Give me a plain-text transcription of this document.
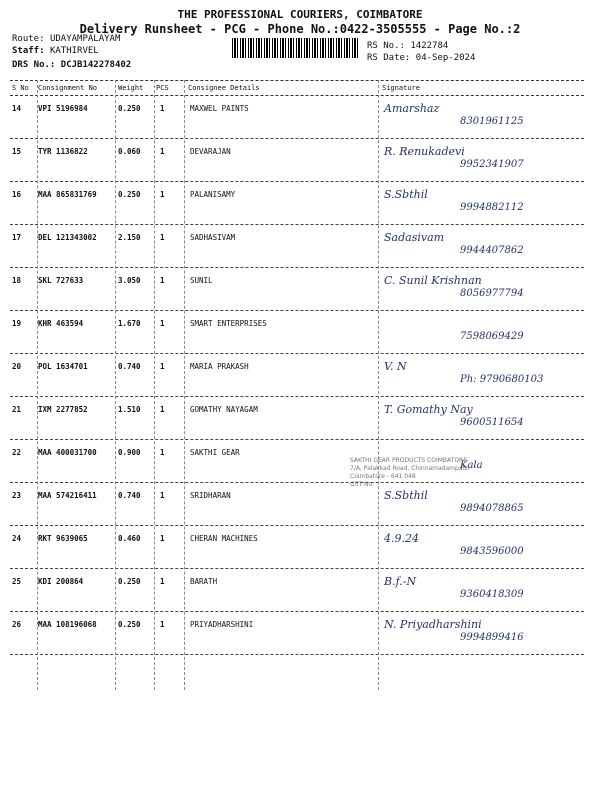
THE PROFESSIONAL COURIERS, COIMBATORE
Delivery Runsheet - PCG - Phone No.:0422-3505555 - Page No.:2
Route: UDAYAMPALAYAM
Staff: KATHIRVEL
DRS No.: DCJB142278402
RS No.: 1422784
RS Date: 04-Sep-2024
S No Consignment No	Weight PCS	Consignee Details	Signature
14 VPI 5196984	0.250	1	MAXWEL PAINTS	Amarshaz
8301961125
15 TYR 1136822	0.060	1	DEVARAJAN	R. Renukadevi
9952341907
16 MAA 865831769	0.250	1	PALANISAMY	S.Sbthil
9994882112
17 DEL 121343002	2.150	1	SADHASIVAM	Sadasivam
9944407862
18 SKL 727633	3.050	1	SUNIL	C. Sunil Krishnan
8056977794
19 KHR 463594	1.670	1	SMART ENTERPRISES
7598069429
20 POL 1634701	0.740	1	MARIA PRAKASH	V. N
Ph: 9790680103
21 IXM 2277852	1.510	1	GOMATHY NAYAGAM	T. Gomathy Nay
9600511654
22 MAA 400031700	0.900	1	SAKTHI GEAR
Kala
23 MAA 574216411	0.740	1	SRIDHARAN	S.Sbthil
9894078865
24 RKT 9639065	0.460	1	CHERAN MACHINES	4.9.24
9843596000
25 KDI 200864	0.250	1	BARATH	B.f.-N
9360418309
26 MAA 108196068	0.250	1	PRIYADHARSHINI	N. Priyadharshini
9994899416
SAKTHI GEAR PRODUCTS COIMBATORE
7/A, Palakkad Road, Chinnamadampatti
Coimbatore - 641 048
GST No.
